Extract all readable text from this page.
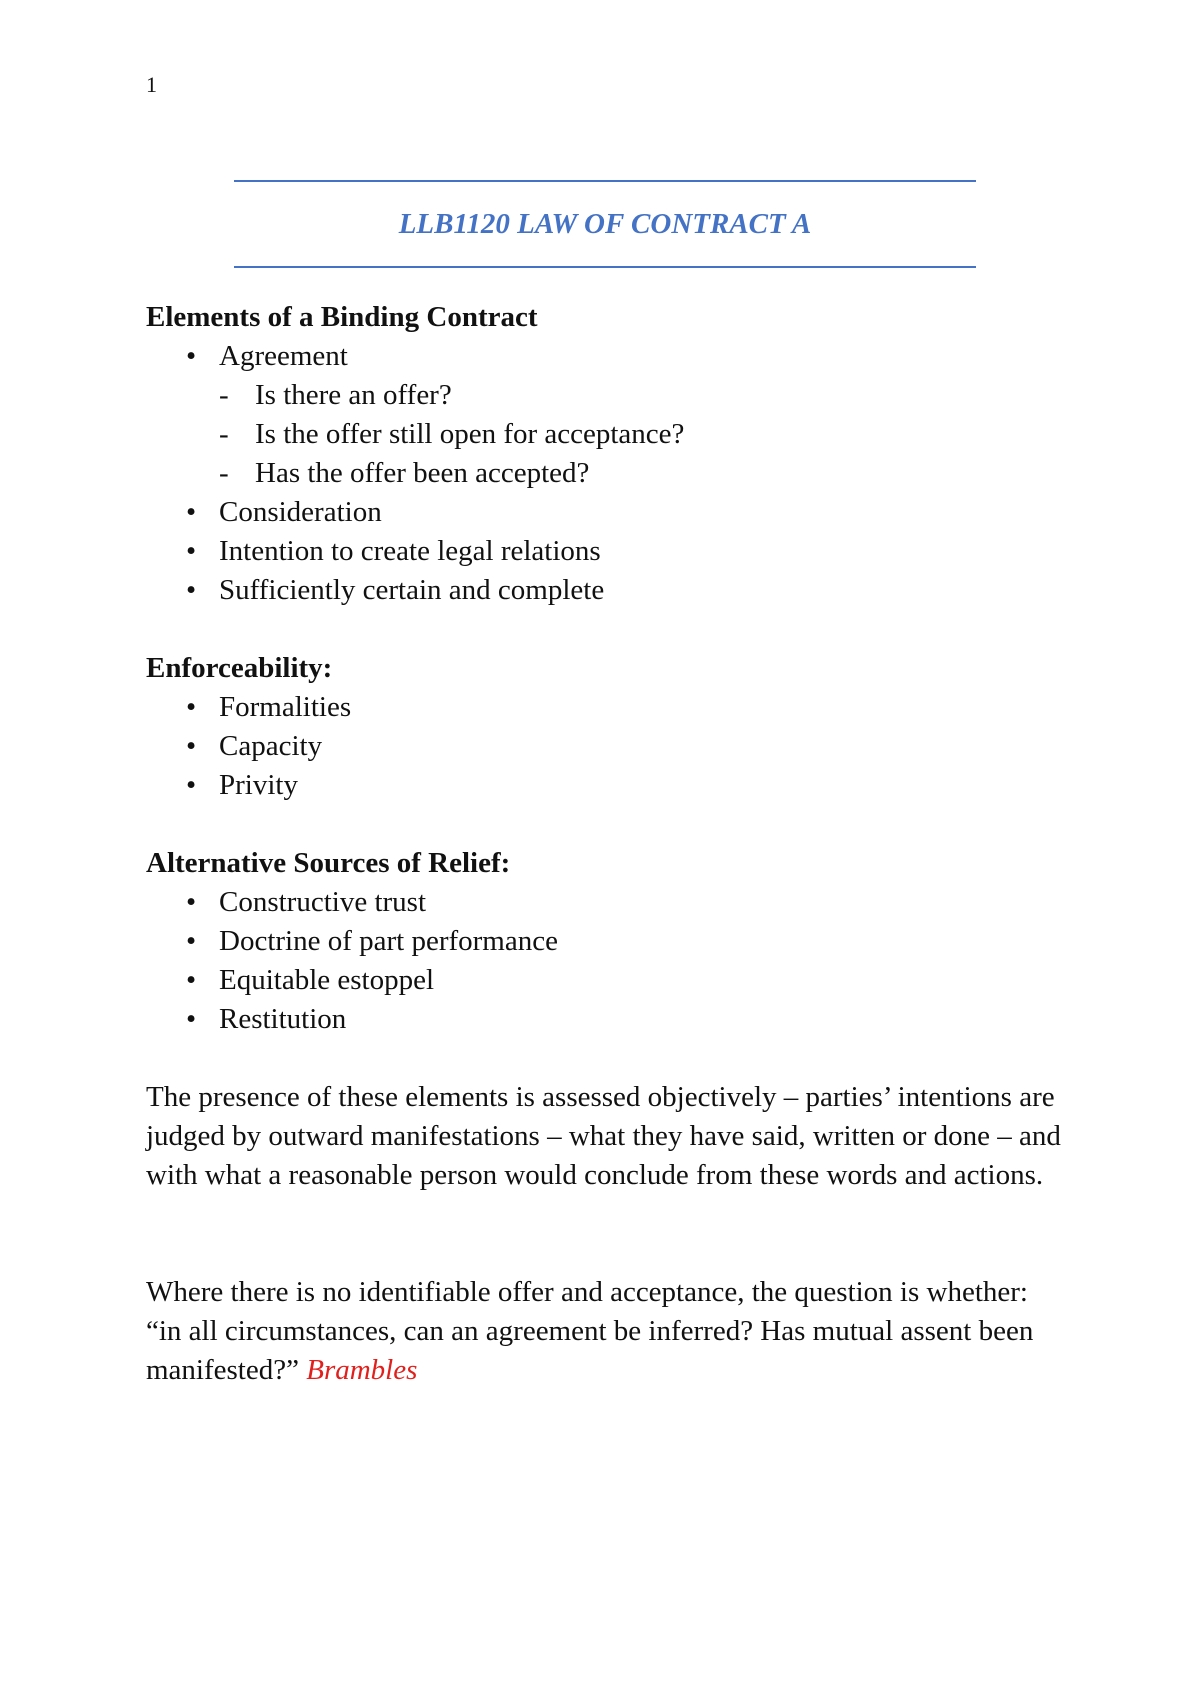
1
LLB1120 LAW OF CONTRACT A
Elements of a Binding Contract
• Agreement
- Is there an offer?
- Is the offer still open for acceptance?
- Has the offer been accepted?
• Consideration
• Intention to create legal relations
• Sufficiently certain and complete
Enforceability:
• Formalities
• Capacity
• Privity
Alternative Sources of Relief:
• Constructive trust
• Doctrine of part performance
• Equitable estoppel
• Restitution

The presence of these elements is assessed objectively – parties’ intentions are judged by outward manifestations – what they have said, written or done – and with what a reasonable person would conclude from these words and actions.

Where there is no identifiable offer and acceptance, the question is whether:

“in all circumstances, can an agreement be inferred? Has mutual assent been manifested?” Brambles
